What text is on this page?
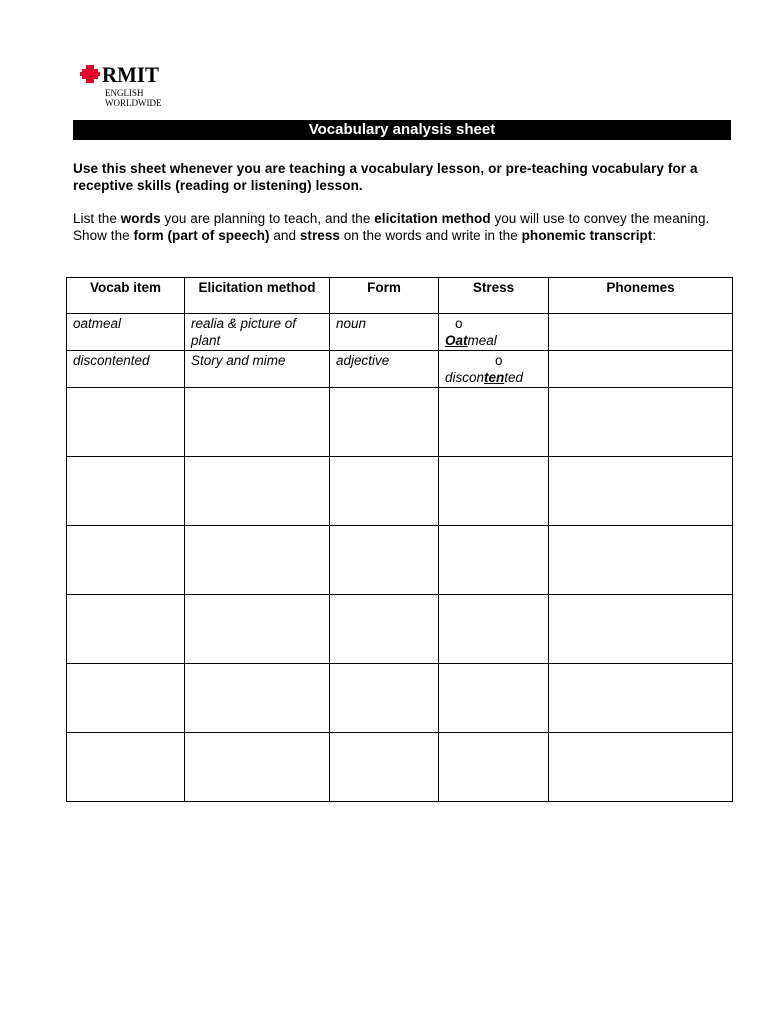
RMIT
ENGLISH
WORLDWIDE
Vocabulary analysis sheet
Use this sheet whenever you are teaching a vocabulary lesson, or pre-teaching vocabulary for a receptive skills (reading or listening) lesson.
List the words you are planning to teach, and the elicitation method you will use to convey the meaning. Show the form (part of speech) and stress on the words and write in the phonemic transcript:
Vocab item	Elicitation method	Form	Stress	Phonemes
oatmeal	realia & picture of plant	noun	o
Oatmeal	

discontented	Story and mime	adjective	o
discontented	
